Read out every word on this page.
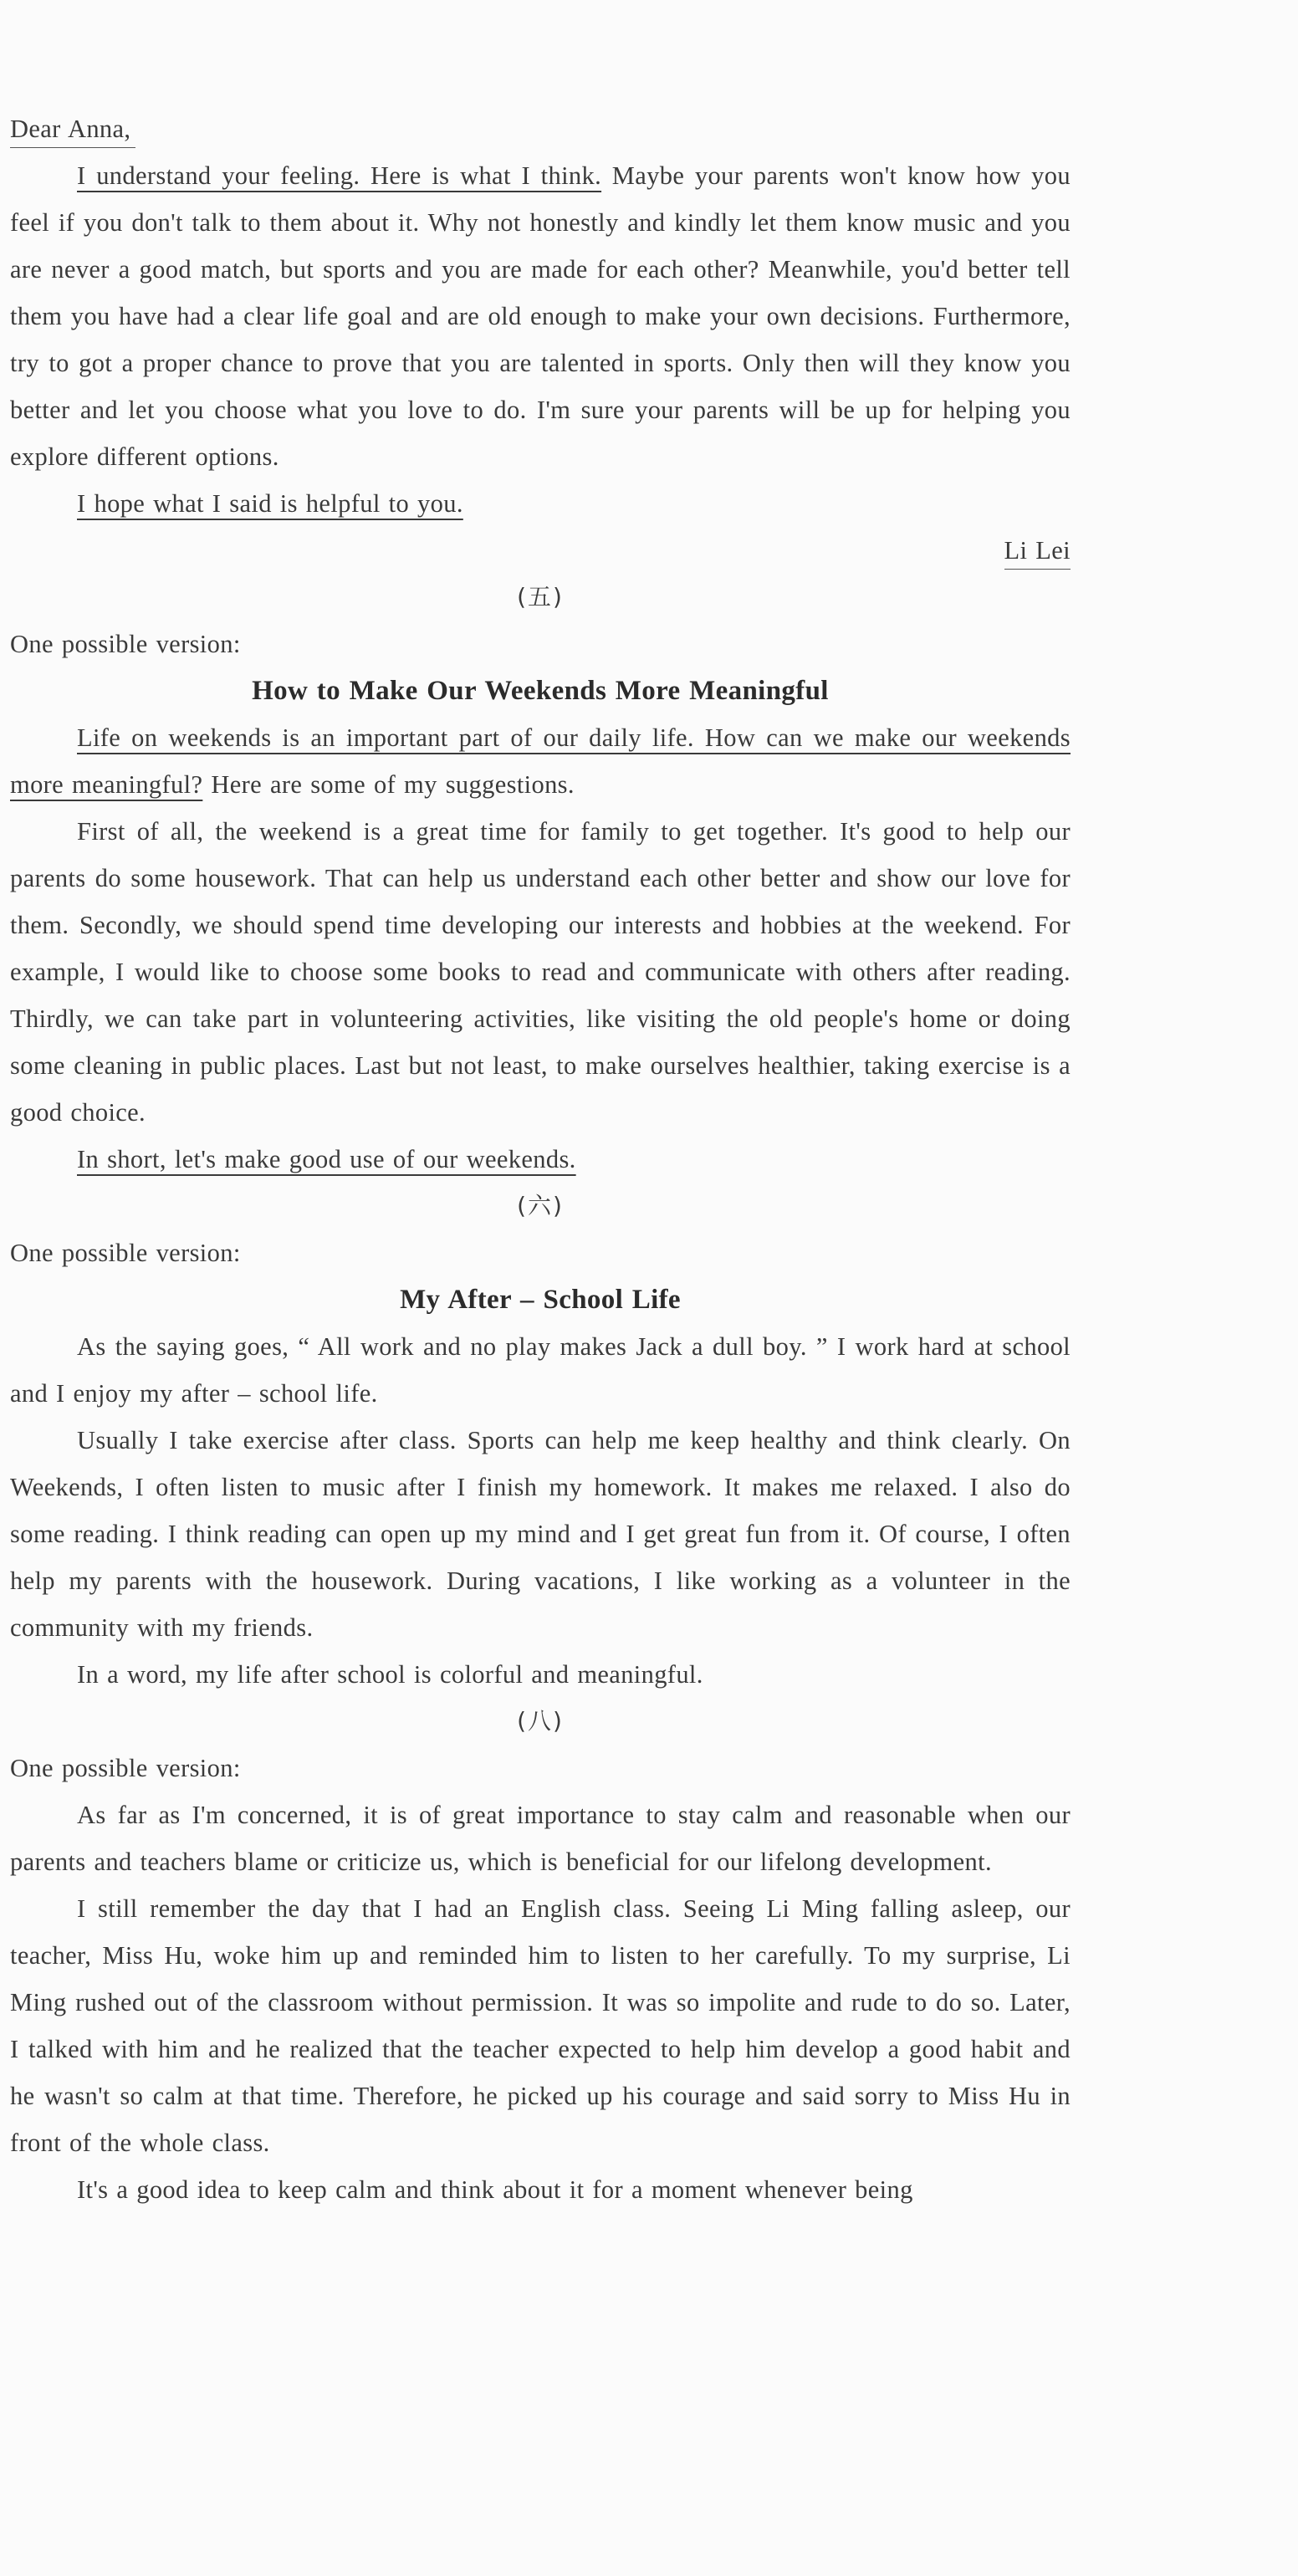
Dear Anna,

I understand your feeling. Here is what I think. Maybe your parents won't know how you feel if you don't talk to them about it. Why not honestly and kindly let them know music and you are never a good match, but sports and you are made for each other? Meanwhile, you'd better tell them you have had a clear life goal and are old enough to make your own decisions. Furthermore, try to got a proper chance to prove that you are talented in sports. Only then will they know you better and let you choose what you love to do. I'm sure your parents will be up for helping you explore different options.

I hope what I said is helpful to you.

Li Lei

(五)

One possible version:

How to Make Our Weekends More Meaningful

Life on weekends is an important part of our daily life. How can we make our weekends more meaningful? Here are some of my suggestions.

First of all, the weekend is a great time for family to get together. It's good to help our parents do some housework. That can help us understand each other better and show our love for them. Secondly, we should spend time developing our interests and hobbies at the weekend. For example, I would like to choose some books to read and communicate with others after reading. Thirdly, we can take part in volunteering activities, like visiting the old people's home or doing some cleaning in public places. Last but not least, to make ourselves healthier, taking exercise is a good choice.

In short, let's make good use of our weekends.

(六)

One possible version:

My After – School Life

As the saying goes, “ All work and no play makes Jack a dull boy. ” I work hard at school and I enjoy my after – school life.

Usually I take exercise after class. Sports can help me keep healthy and think clearly. On Weekends, I often listen to music after I finish my homework. It makes me relaxed. I also do some reading. I think reading can open up my mind and I get great fun from it. Of course, I often help my parents with the housework. During vacations, I like working as a volunteer in the community with my friends.

In a word, my life after school is colorful and meaningful.

(八)

One possible version:

As far as I'm concerned, it is of great importance to stay calm and reasonable when our parents and teachers blame or criticize us, which is beneficial for our lifelong development.

I still remember the day that I had an English class. Seeing Li Ming falling asleep, our teacher, Miss Hu, woke him up and reminded him to listen to her carefully. To my surprise, Li Ming rushed out of the classroom without permission. It was so impolite and rude to do so. Later, I talked with him and he realized that the teacher expected to help him develop a good habit and he wasn't so calm at that time. Therefore, he picked up his courage and said sorry to Miss Hu in front of the whole class.

It's a good idea to keep calm and think about it for a moment whenever being
